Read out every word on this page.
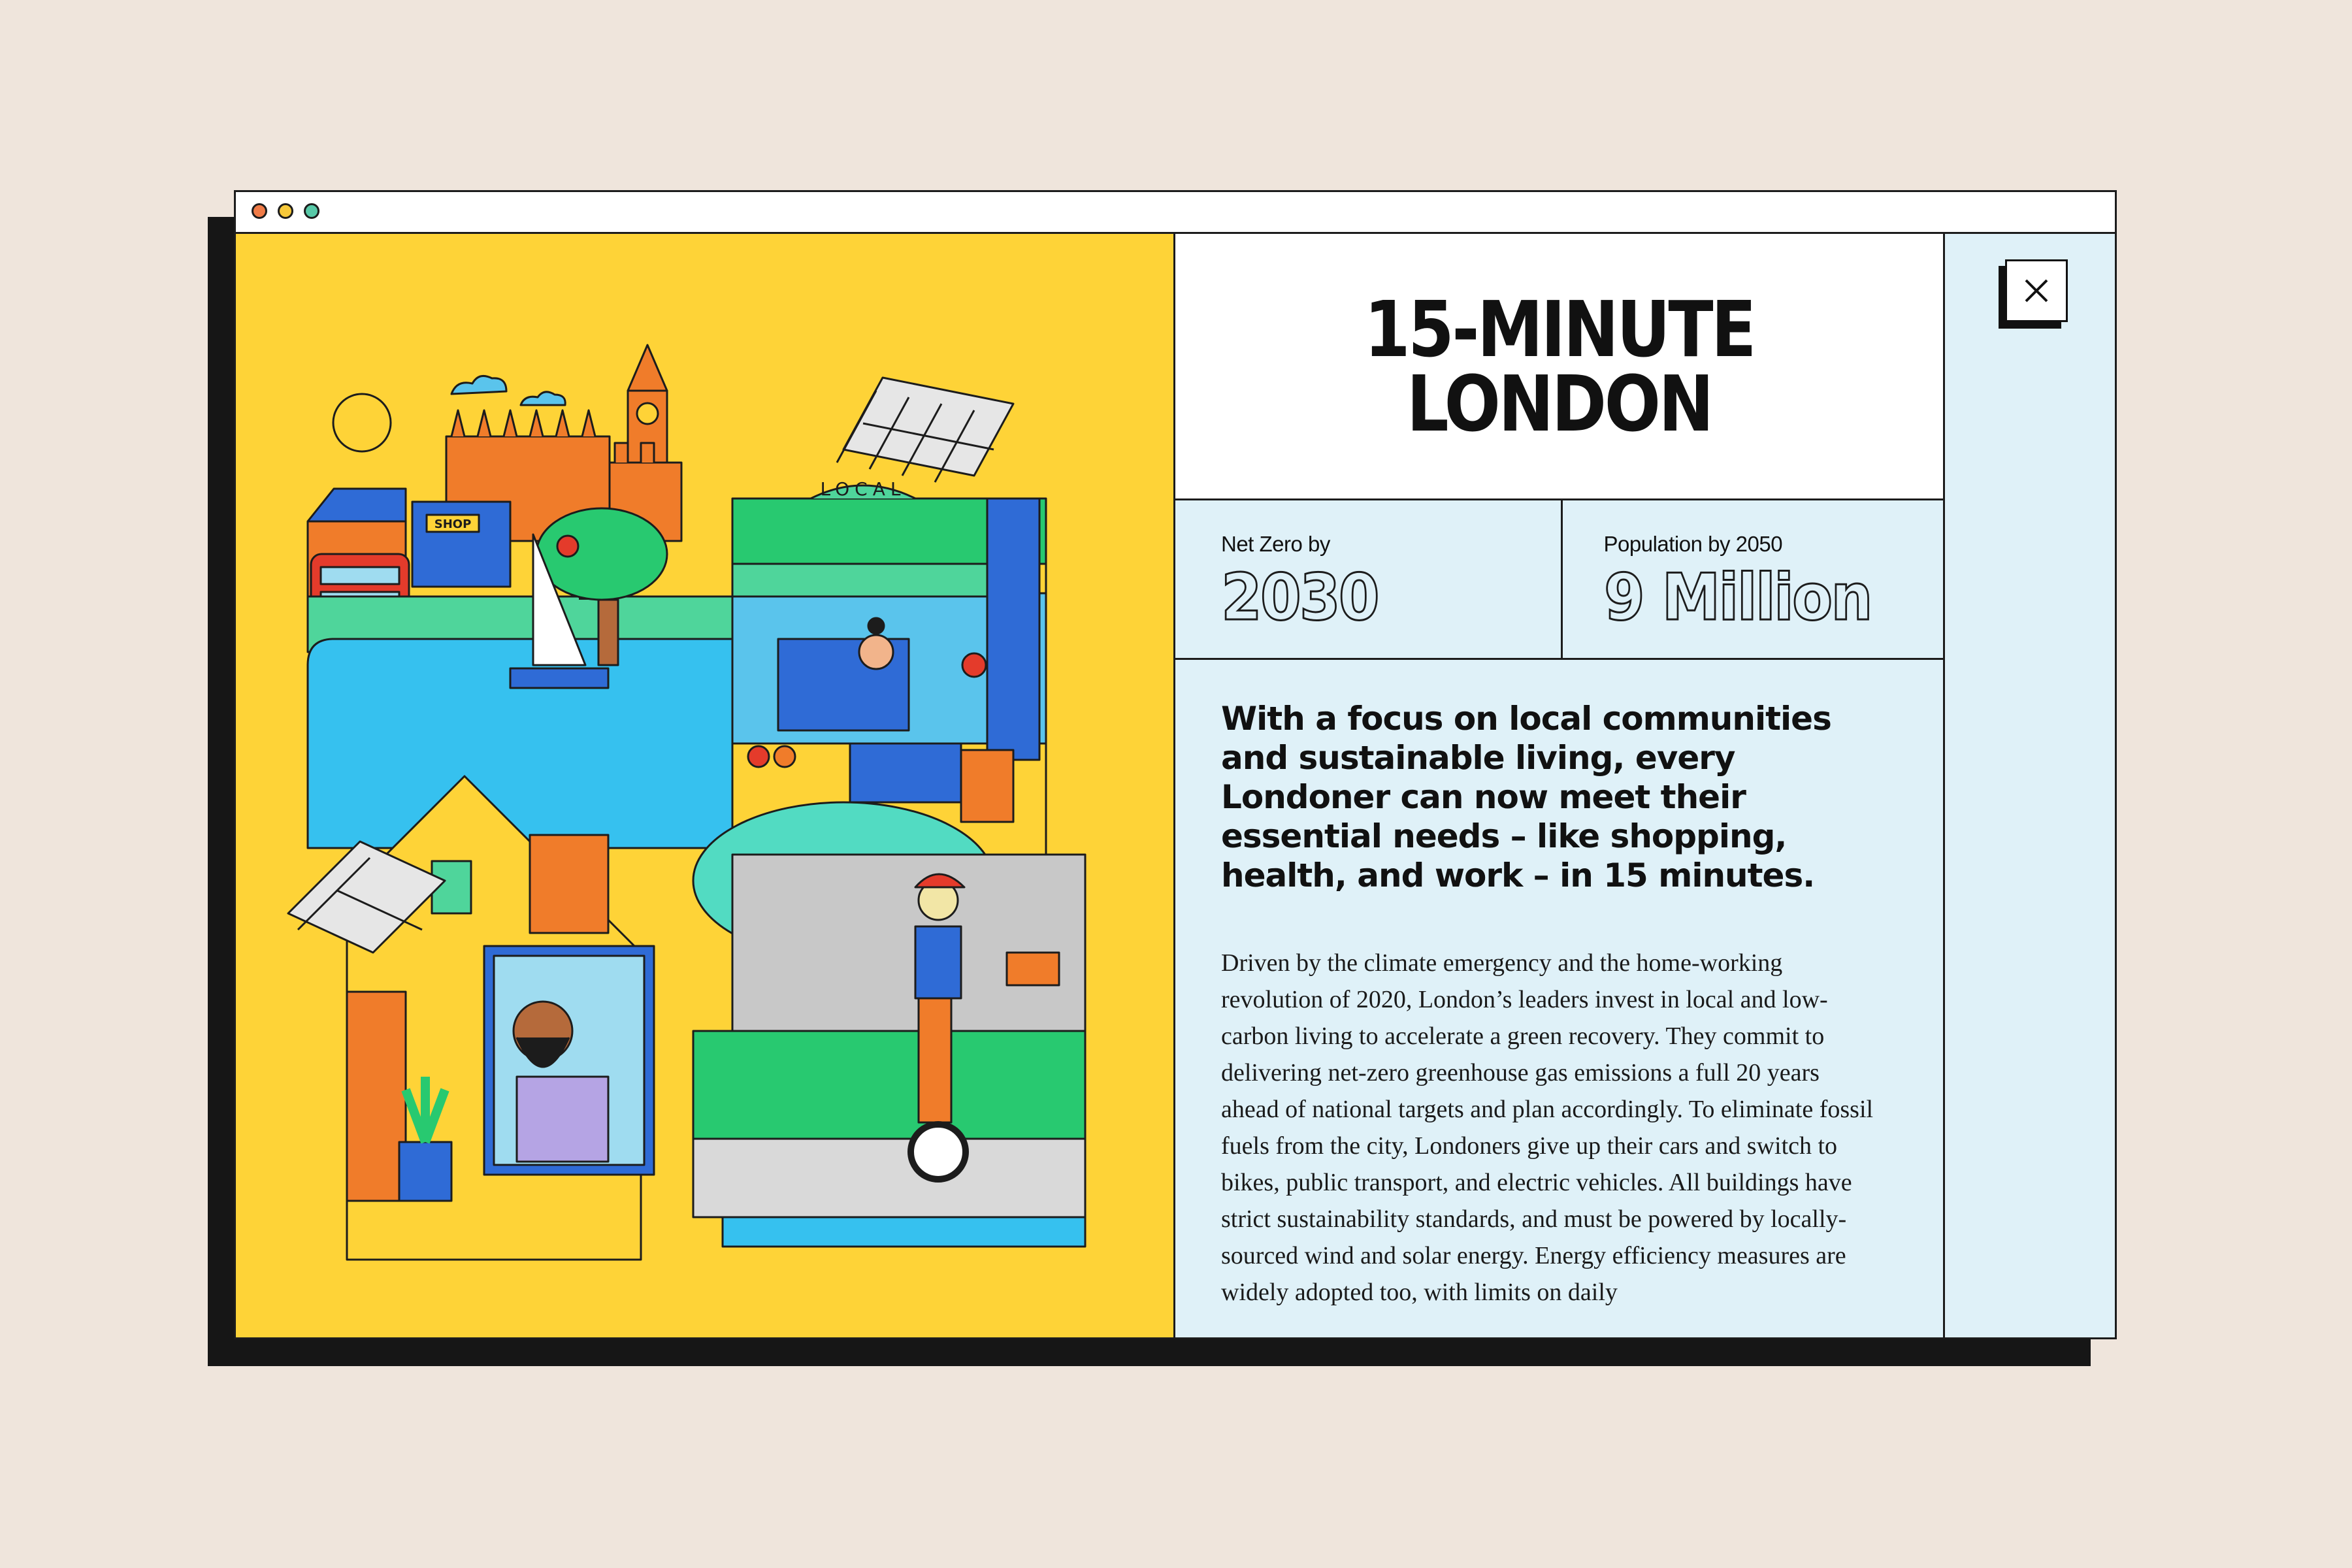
SHOP
LOCAL
15-MINUTE LONDON
Net Zero by
2030
Population by 2050
9 Million

With a focus on local communities and sustainable living, every Londoner can now meet their essential needs – like shopping, health, and work – in 15 minutes.

Driven by the climate emergency and the home-working revolution of 2020, London’s leaders invest in local and low-carbon living to accelerate a green recovery. They commit to delivering net-zero greenhouse gas emissions a full 20 years ahead of national targets and plan accordingly. To eliminate fossil fuels from the city, Londoners give up their cars and switch to bikes, public transport, and electric vehicles. All buildings have strict sustainability standards, and must be powered by locally-sourced wind and solar energy. Energy efficiency measures are widely adopted too, with limits on daily
